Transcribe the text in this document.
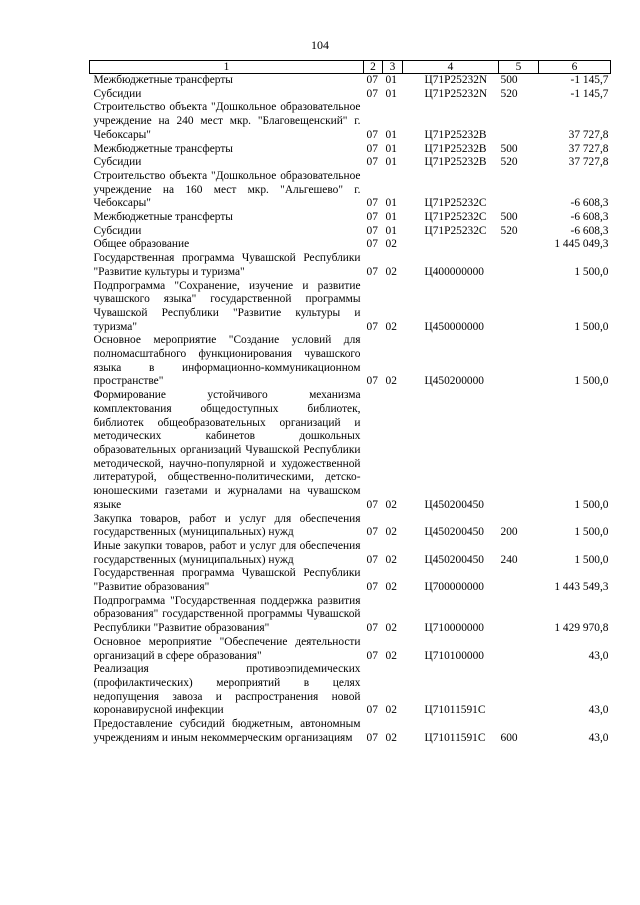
104
1	2	3	4	5	6
Межбюджетные трансферты	07	01	Ц71P25232N	500	-1 145,7
Субсидии	07	01	Ц71P25232N	520	-1 145,7
Строительство объекта "Дошкольное образовательное учреждение на 240 мест мкр. "Благовещенский" г. Чебоксары"	07	01	Ц71P25232B		37 727,8
Межбюджетные трансферты	07	01	Ц71P25232B	500	37 727,8
Субсидии	07	01	Ц71P25232B	520	37 727,8
Строительство объекта "Дошкольное образовательное учреждение на 160 мест мкр. "Альгешево" г. Чебоксары"	07	01	Ц71P25232C		-6 608,3
Межбюджетные трансферты	07	01	Ц71P25232C	500	-6 608,3
Субсидии	07	01	Ц71P25232C	520	-6 608,3
Общее образование	07	02			1 445 049,3
Государственная программа Чувашской Республики "Развитие культуры и туризма"	07	02	Ц400000000		1 500,0
Подпрограмма "Сохранение, изучение и развитие чувашского языка" государственной программы Чувашской Республики "Развитие культуры и туризма"	07	02	Ц450000000		1 500,0
Основное мероприятие "Создание условий для полномасштабного функционирования чувашского языка в информационно-коммуникационном пространстве"	07	02	Ц450200000		1 500,0
Формирование устойчивого механизма комплектования общедоступных библиотек, библиотек общеобразовательных организаций и методических кабинетов дошкольных образовательных организаций Чувашской Республики методической, научно-популярной и художественной литературой, общественно-политическими, детско-юношескими газетами и журналами на чувашском языке	07	02	Ц450200450		1 500,0
Закупка товаров, работ и услуг для обеспечения государственных (муниципальных) нужд	07	02	Ц450200450	200	1 500,0
Иные закупки товаров, работ и услуг для обеспечения государственных (муниципальных) нужд	07	02	Ц450200450	240	1 500,0
Государственная программа Чувашской Республики "Развитие образования"	07	02	Ц700000000		1 443 549,3
Подпрограмма "Государственная поддержка развития образования" государственной программы Чувашской Республики "Развитие образования"	07	02	Ц710000000		1 429 970,8
Основное мероприятие "Обеспечение деятельности организаций в сфере образования"	07	02	Ц710100000		43,0
Реализация противоэпидемических (профилактических) мероприятий в целях недопущения завоза и распространения новой коронавирусной инфекции	07	02	Ц71011591C		43,0
Предоставление субсидий бюджетным, автономным учреждениям и иным некоммерческим организациям	07	02	Ц71011591C	600	43,0
